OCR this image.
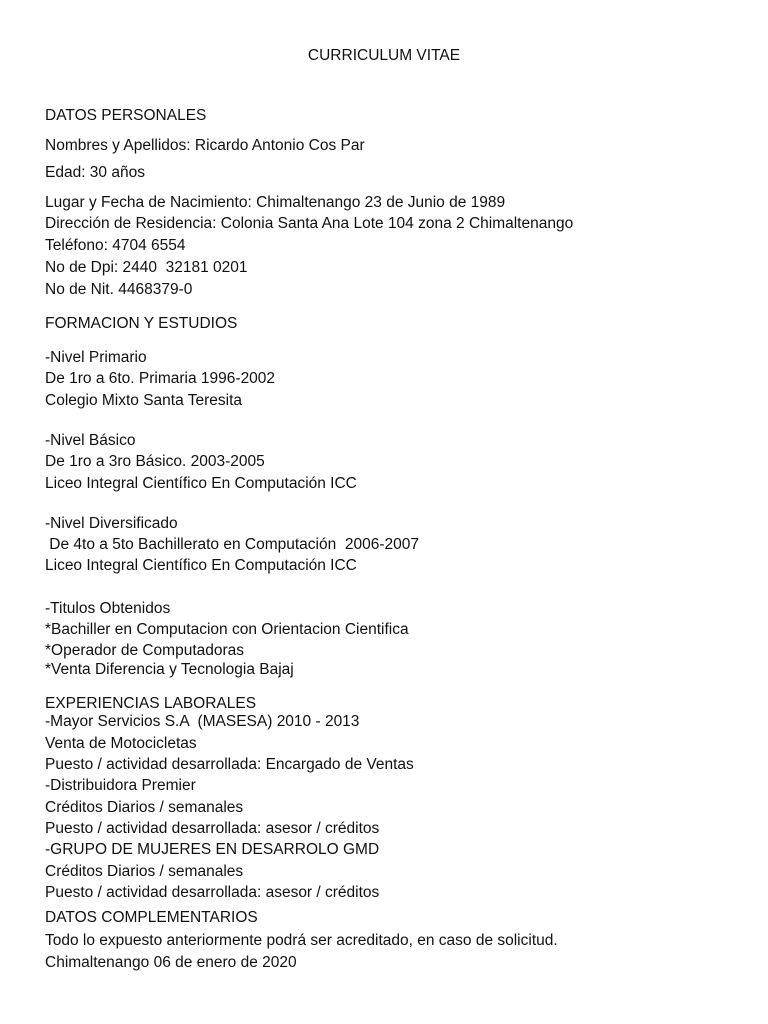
CURRICULUM VITAE

DATOS PERSONALES

Nombres y Apellidos: Ricardo Antonio Cos Par

Edad: 30 años

Lugar y Fecha de Nacimiento: Chimaltenango 23 de Junio de 1989

Dirección de Residencia: Colonia Santa Ana Lote 104 zona 2 Chimaltenango

Teléfono: 4704 6554

No de Dpi: 2440  32181 0201

No de Nit. 4468379-0

FORMACION Y ESTUDIOS

-Nivel Primario

De 1ro a 6to. Primaria 1996-2002

Colegio Mixto Santa Teresita

-Nivel Básico

De 1ro a 3ro Básico. 2003-2005

Liceo Integral Científico En Computación ICC

-Nivel Diversificado

De 4to a 5to Bachillerato en Computación  2006-2007

Liceo Integral Científico En Computación ICC

-Titulos Obtenidos

*Bachiller en Computacion con Orientacion Cientifica

*Operador de Computadoras

*Venta Diferencia y Tecnologia Bajaj

EXPERIENCIAS LABORALES

-Mayor Servicios S.A  (MASESA) 2010 - 2013

Venta de Motocicletas

Puesto / actividad desarrollada: Encargado de Ventas

-Distribuidora Premier

Créditos Diarios / semanales

Puesto / actividad desarrollada: asesor / créditos

-GRUPO DE MUJERES EN DESARROLO GMD

Créditos Diarios / semanales

Puesto / actividad desarrollada: asesor / créditos

DATOS COMPLEMENTARIOS

Todo lo expuesto anteriormente podrá ser acreditado, en caso de solicitud.

Chimaltenango 06 de enero de 2020
